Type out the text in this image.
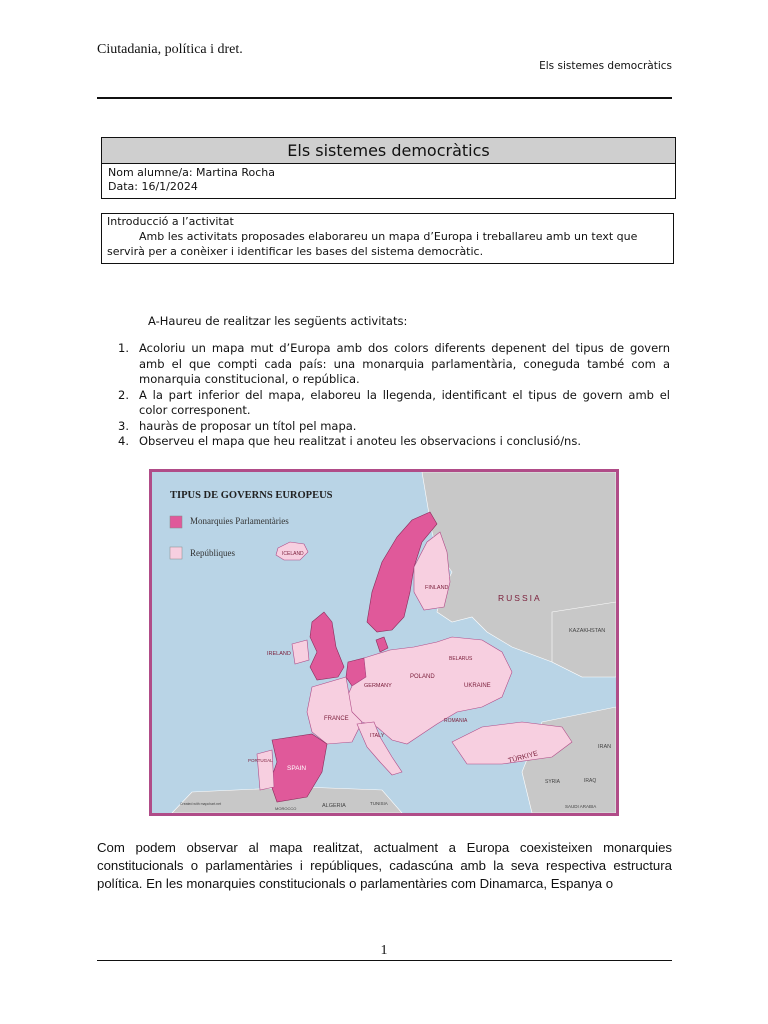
Ciutadania, política i dret.
Els sistemes democràtics
Els sistemes democràtics
Nom alumne/a: Martina Rocha
Data: 16/1/2024
Introducció a l’activitat
Amb les activitats proposades elaborareu un mapa d’Europa i treballareu amb un text que servirà per a conèixer i identificar les bases del sistema democràtic.
A-Haureu de realitzar les següents activitats:
1. Acoloriu un mapa mut d’Europa amb dos colors diferents depenent del tipus de govern amb el que compti cada país: una monarquia parlamentària, coneguda també com a monarquia constitucional, o república.
2. A la part inferior del mapa, elaboreu la llegenda, identificant el tipus de govern amb el color corresponent.
3. hauràs de proposar un títol pel mapa.
4. Observeu el mapa que heu realitzat i anoteu les observacions i conclusió/ns.
TIPUS DE GOVERNS EUROPEUS
Monarquies Parlamentàries
Repúbliques
RUSSIA
FINLAND
ICELAND
IRELAND
KAZAKHSTAN
BELARUS
POLAND
GERMANY	UKRAINE
FRANCE	ROMANIA
ITALY
SPAIN
PORTUGAL	TÜRKIYE
IRAN
SYRIA	IRAQ
ALGERIA	TUNISIA
MOROCCO	SAUDI ARABIA
Created with mapchart.net
Com podem observar al mapa realitzat, actualment a Europa coexisteixen monarquies constitucionals o parlamentàries i repúbliques, cadascúna amb la seva respectiva estructura política. En les monarquies constitucionals o parlamentàries com Dinamarca, Espanya o
1
